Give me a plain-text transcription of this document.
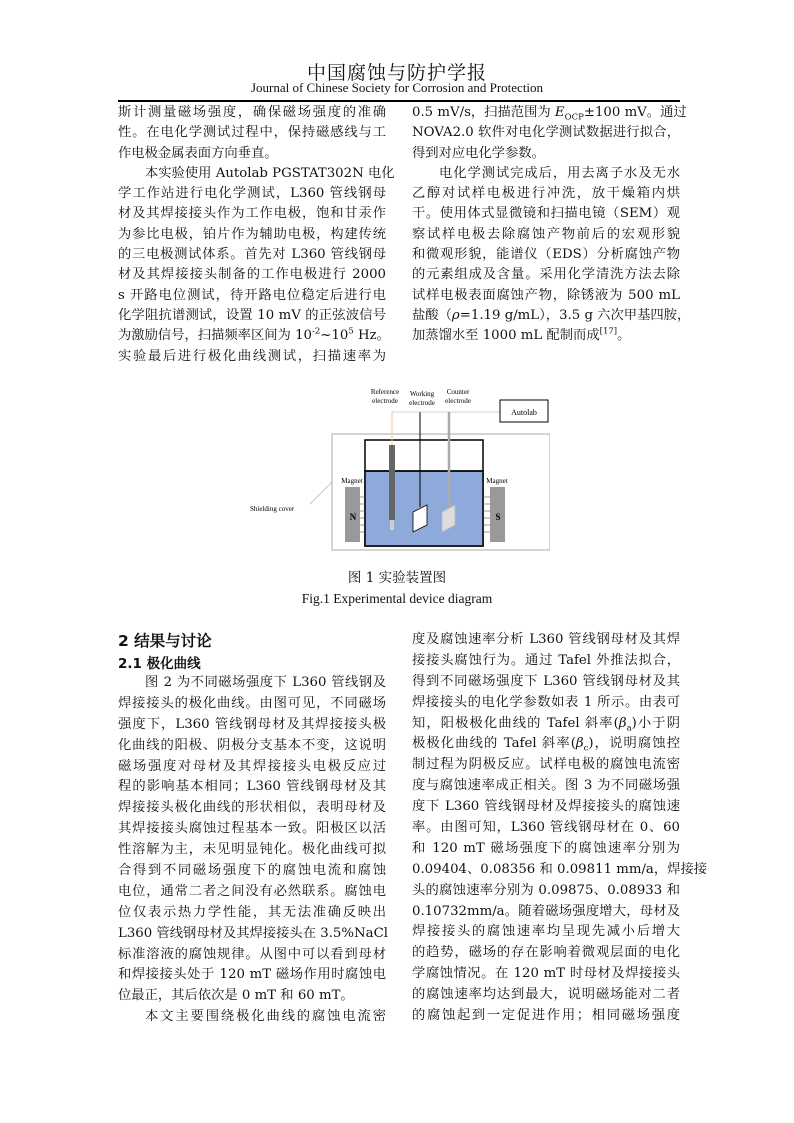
中国腐蚀与防护学报
Journal of Chinese Society for Corrosion and Protection
斯计测量磁场强度，确保磁场强度的准确
性。在电化学测试过程中，保持磁感线与工
作电极金属表面方向垂直。
本实验使用 Autolab PGSTAT302N 电化
学工作站进行电化学测试，L360 管线钢母
材及其焊接接头作为工作电极，饱和甘汞作
为参比电极，铂片作为辅助电极，构建传统
的三电极测试体系。首先对 L360 管线钢母
材及其焊接接头制备的工作电极进行 2000
s 开路电位测试，待开路电位稳定后进行电
化学阻抗谱测试，设置 10 mV 的正弦波信号
为激励信号，扫描频率区间为 $10^{-2}\sim 10^5$ Hz。
实验最后进行极化曲线测试，扫描速率为
0.5 mV/s，扫描范围为 $E_{OCP}\pm 100$ mV。通过
NOVA2.0 软件对电化学测试数据进行拟合，
得到对应电化学参数。
电化学测试完成后，用去离子水及无水
乙醇对试样电极进行冲洗，放干燥箱内烘
干。使用体式显微镜和扫描电镜（SEM）观
察试样电极去除腐蚀产物前后的宏观形貌
和微观形貌，能谱仪（EDS）分析腐蚀产物
的元素组成及含量。采用化学清洗方法去除
试样电极表面腐蚀产物，除锈液为 500 mL
盐酸（ρ=1.19 g/mL），3.5 g 六次甲基四胺，
加蒸馏水至 1000 mL 配制而成[17]。
N	S
Autolab
Reference
electrode
Working
electrode
Counter
electrode
Magnet	Magnet
Shielding cover
图 1 实验装置图
Fig.1 Experimental device diagram
2 结果与讨论
2.1 极化曲线
图 2 为不同磁场强度下 L360 管线钢及
焊接接头的极化曲线。由图可见，不同磁场
强度下，L360 管线钢母材及其焊接接头极
化曲线的阳极、阴极分支基本不变，这说明
磁场强度对母材及其焊接接头电极反应过
程的影响基本相同；L360 管线钢母材及其
焊接接头极化曲线的形状相似，表明母材及
其焊接接头腐蚀过程基本一致。阳极区以活
性溶解为主，未见明显钝化。极化曲线可拟
合得到不同磁场强度下的腐蚀电流和腐蚀
电位，通常二者之间没有必然联系。腐蚀电
位仅表示热力学性能，其无法准确反映出
L360 管线钢母材及其焊接接头在 3.5%NaCl
标准溶液的腐蚀规律。从图中可以看到母材
和焊接接头处于 120 mT 磁场作用时腐蚀电
位最正，其后依次是 0 mT 和 60 mT。
本文主要围绕极化曲线的腐蚀电流密
度及腐蚀速率分析 L360 管线钢母材及其焊
接接头腐蚀行为。通过 Tafel 外推法拟合，
得到不同磁场强度下 L360 管线钢母材及其
焊接接头的电化学参数如表 1 所示。由表可
知，阳极极化曲线的 Tafel 斜率$(\beta_a)$小于阴
极极化曲线的 Tafel 斜率$(\beta_c)$，说明腐蚀控
制过程为阴极反应。试样电极的腐蚀电流密
度与腐蚀速率成正相关。图 3 为不同磁场强
度下 L360 管线钢母材及焊接接头的腐蚀速
率。由图可知，L360 管线钢母材在 0、60
和 120 mT 磁场强度下的腐蚀速率分别为
0.09404、0.08356 和 0.09811 mm/a，焊接接
头的腐蚀速率分别为 0.09875、0.08933 和
0.10732mm/a。随着磁场强度增大，母材及
焊接接头的腐蚀速率均呈现先减小后增大
的趋势，磁场的存在影响着微观层面的电化
学腐蚀情况。在 120 mT 时母材及焊接接头
的腐蚀速率均达到最大，说明磁场能对二者
的腐蚀起到一定促进作用；相同磁场强度
